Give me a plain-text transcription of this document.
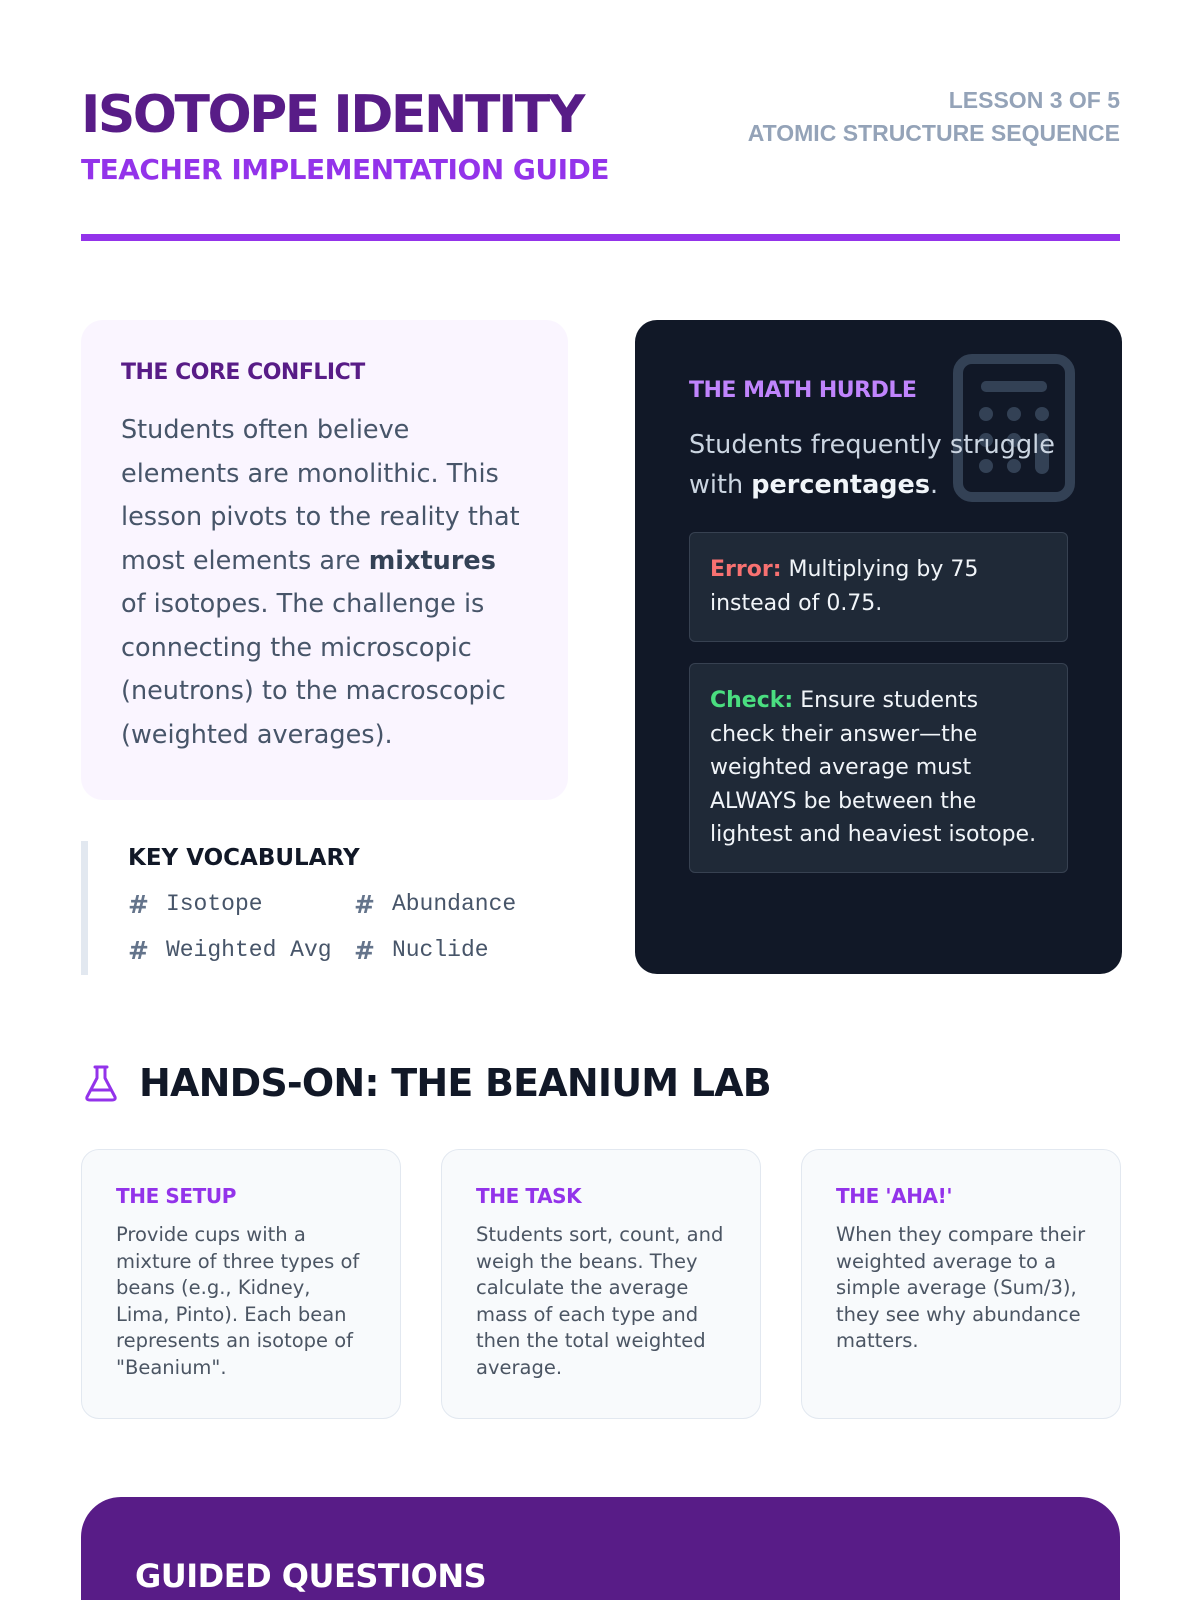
ISOTOPE IDENTITY
TEACHER IMPLEMENTATION GUIDE
LESSON 3 OF 5
ATOMIC STRUCTURE SEQUENCE
THE CORE CONFLICT

Students often believe elements are monolithic. This lesson pivots to the reality that most elements are mixtures of isotopes. The challenge is connecting the microscopic (neutrons) to the macroscopic (weighted averages).

KEY VOCABULARY
# Isotope	# Abundance
# Weighted Avg # Nuclide
THE MATH HURDLE

Students frequently struggle with percentages.

Error: Multiplying by 75 instead of 0.75.
Check: Ensure students check their answer—the weighted average must ALWAYS be between the lightest and heaviest isotope.
HANDS-ON: THE BEANIUM LAB
THE SETUP

Provide cups with a mixture of three types of beans (e.g., Kidney, Lima, Pinto). Each bean represents an isotope of "Beanium".

THE TASK

Students sort, count, and weigh the beans. They calculate the average mass of each type and then the total weighted average.

THE 'AHA!'

When they compare their weighted average to a simple average (Sum/3), they see why abundance matters.

GUIDED QUESTIONS
